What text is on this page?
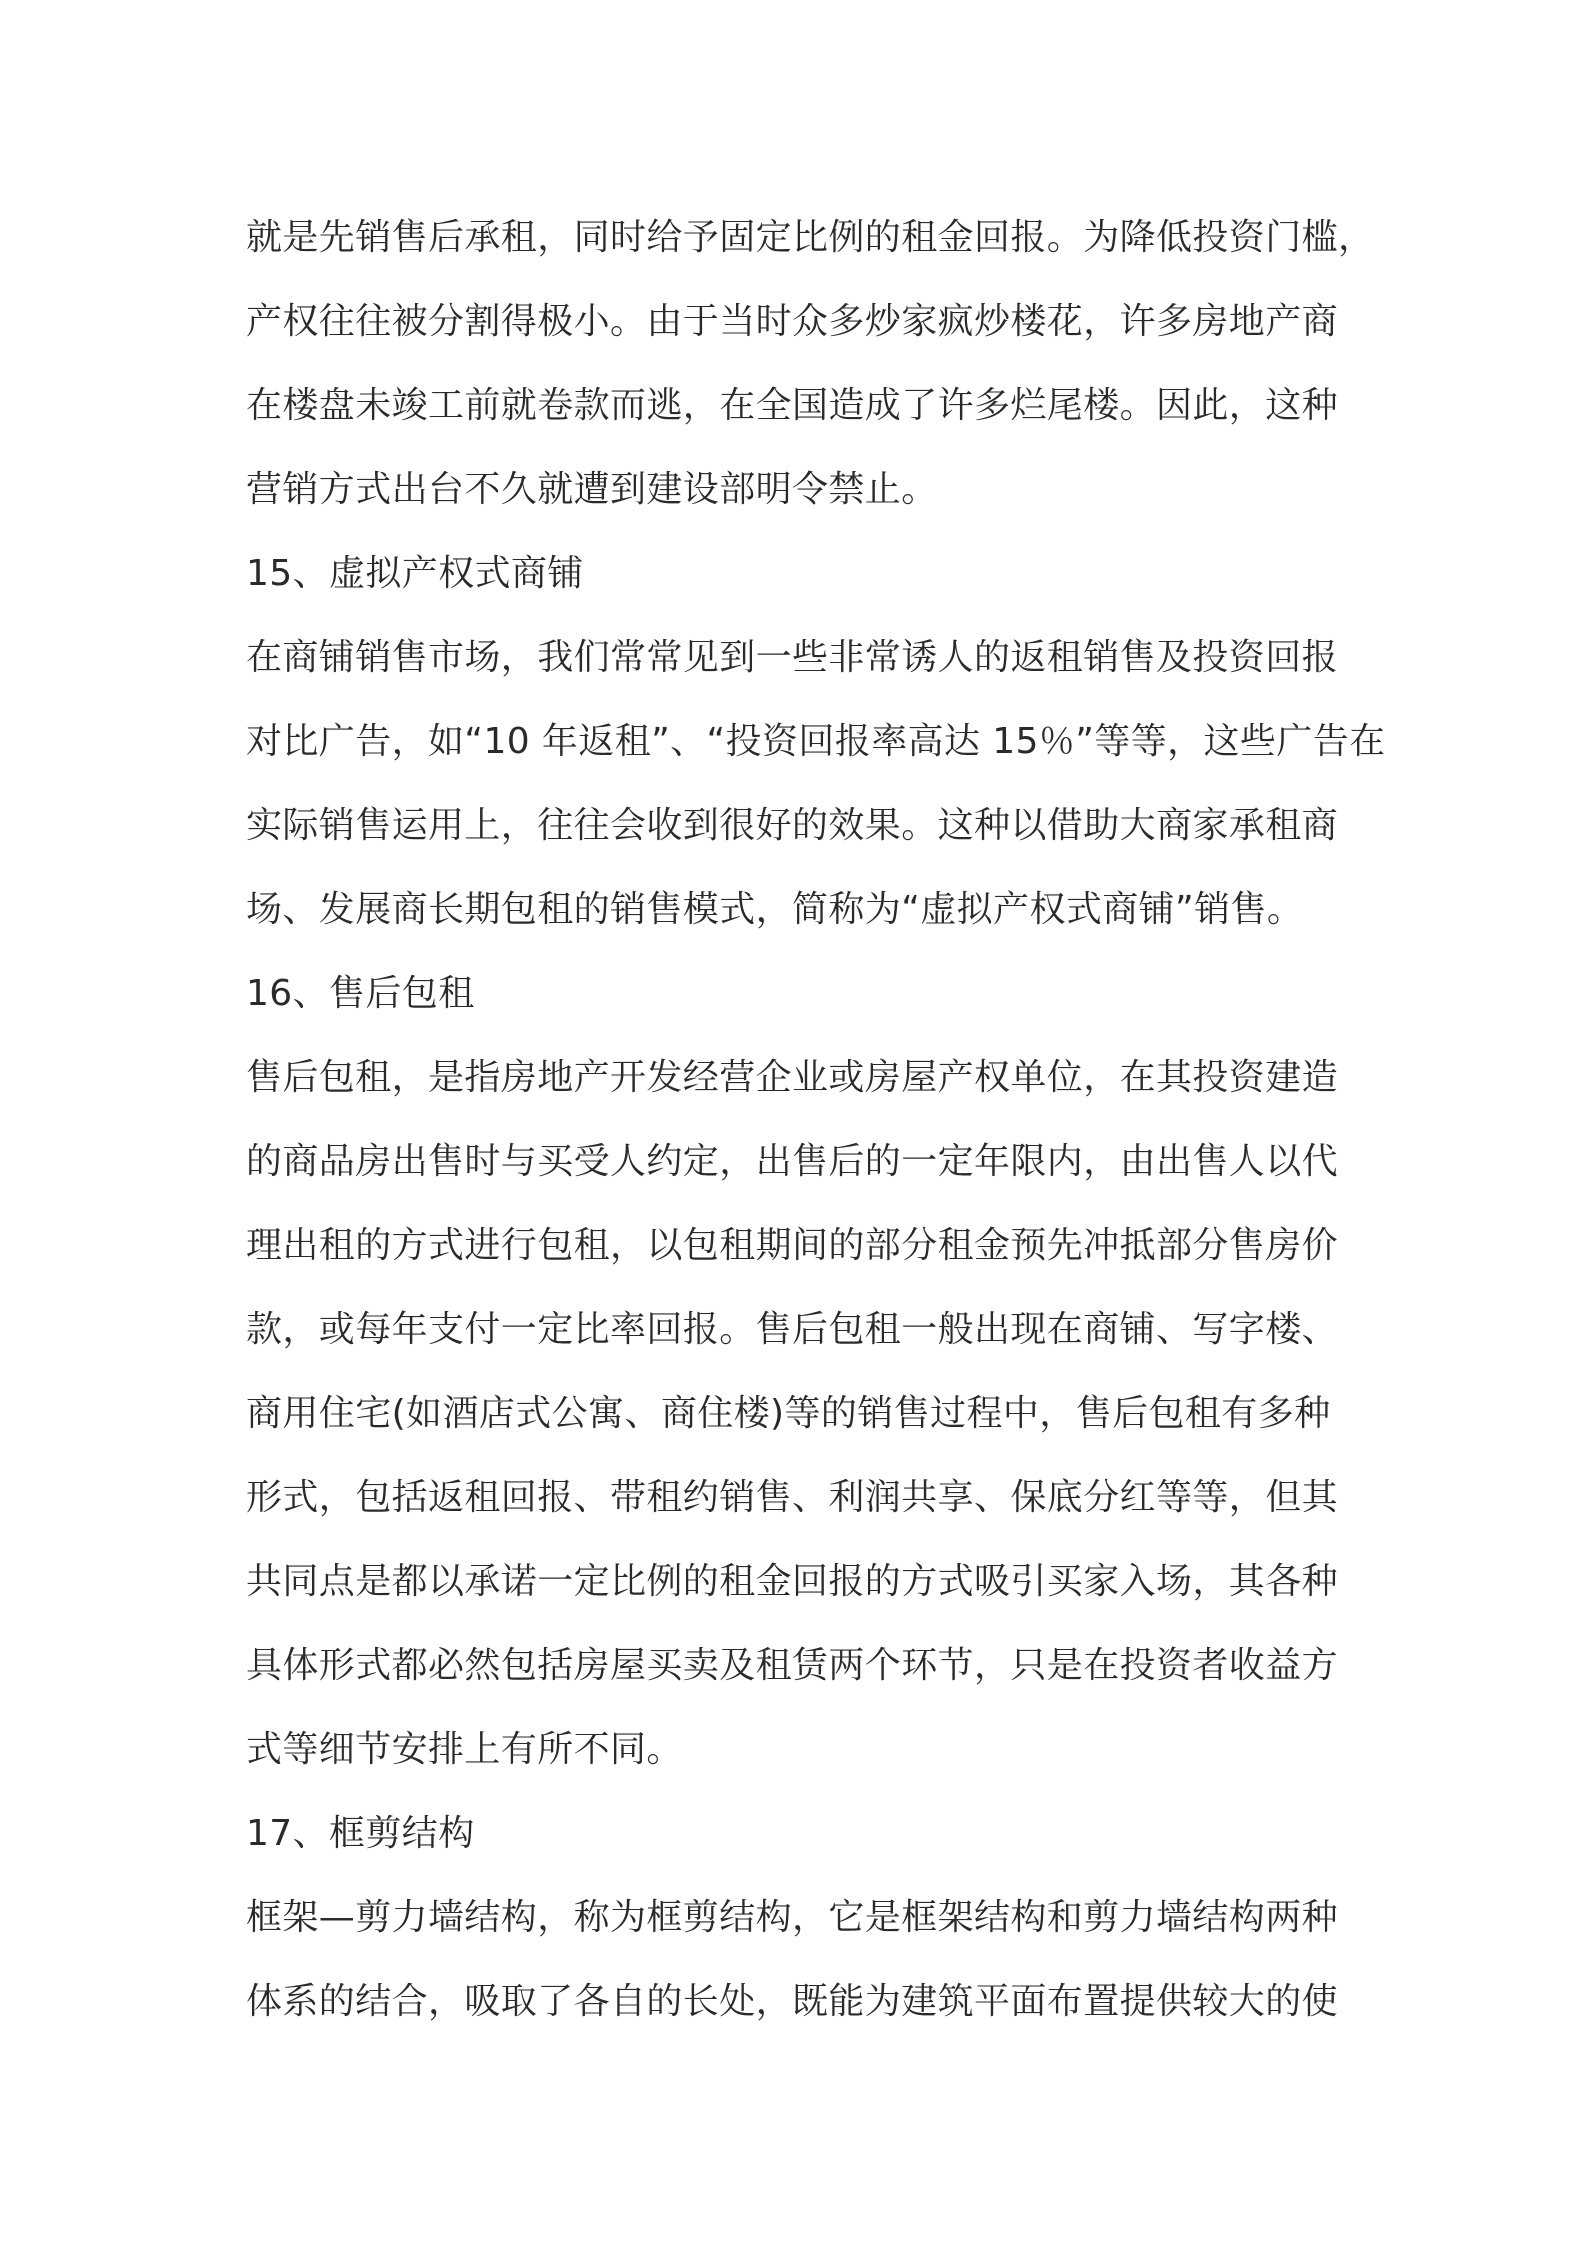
就是先销售后承租，同时给予固定比例的租金回报。为降低投资门槛，
产权往往被分割得极小。由于当时众多炒家疯炒楼花，许多房地产商
在楼盘未竣工前就卷款而逃，在全国造成了许多烂尾楼。因此，这种
营销方式出台不久就遭到建设部明令禁止。
15、虚拟产权式商铺
在商铺销售市场，我们常常见到一些非常诱人的返租销售及投资回报
对比广告，如“10 年返租”、“投资回报率高达 15％”等等，这些广告在
实际销售运用上，往往会收到很好的效果。这种以借助大商家承租商
场、发展商长期包租的销售模式，简称为“虚拟产权式商铺”销售。
16、售后包租
售后包租，是指房地产开发经营企业或房屋产权单位，在其投资建造
的商品房出售时与买受人约定，出售后的一定年限内，由出售人以代
理出租的方式进行包租，以包租期间的部分租金预先冲抵部分售房价
款，或每年支付一定比率回报。售后包租一般出现在商铺、写字楼、
商用住宅(如酒店式公寓、商住楼)等的销售过程中，售后包租有多种
形式，包括返租回报、带租约销售、利润共享、保底分红等等，但其
共同点是都以承诺一定比例的租金回报的方式吸引买家入场，其各种
具体形式都必然包括房屋买卖及租赁两个环节，只是在投资者收益方
式等细节安排上有所不同。
17、框剪结构
框架—剪力墙结构，称为框剪结构，它是框架结构和剪力墙结构两种
体系的结合，吸取了各自的长处，既能为建筑平面布置提供较大的使
